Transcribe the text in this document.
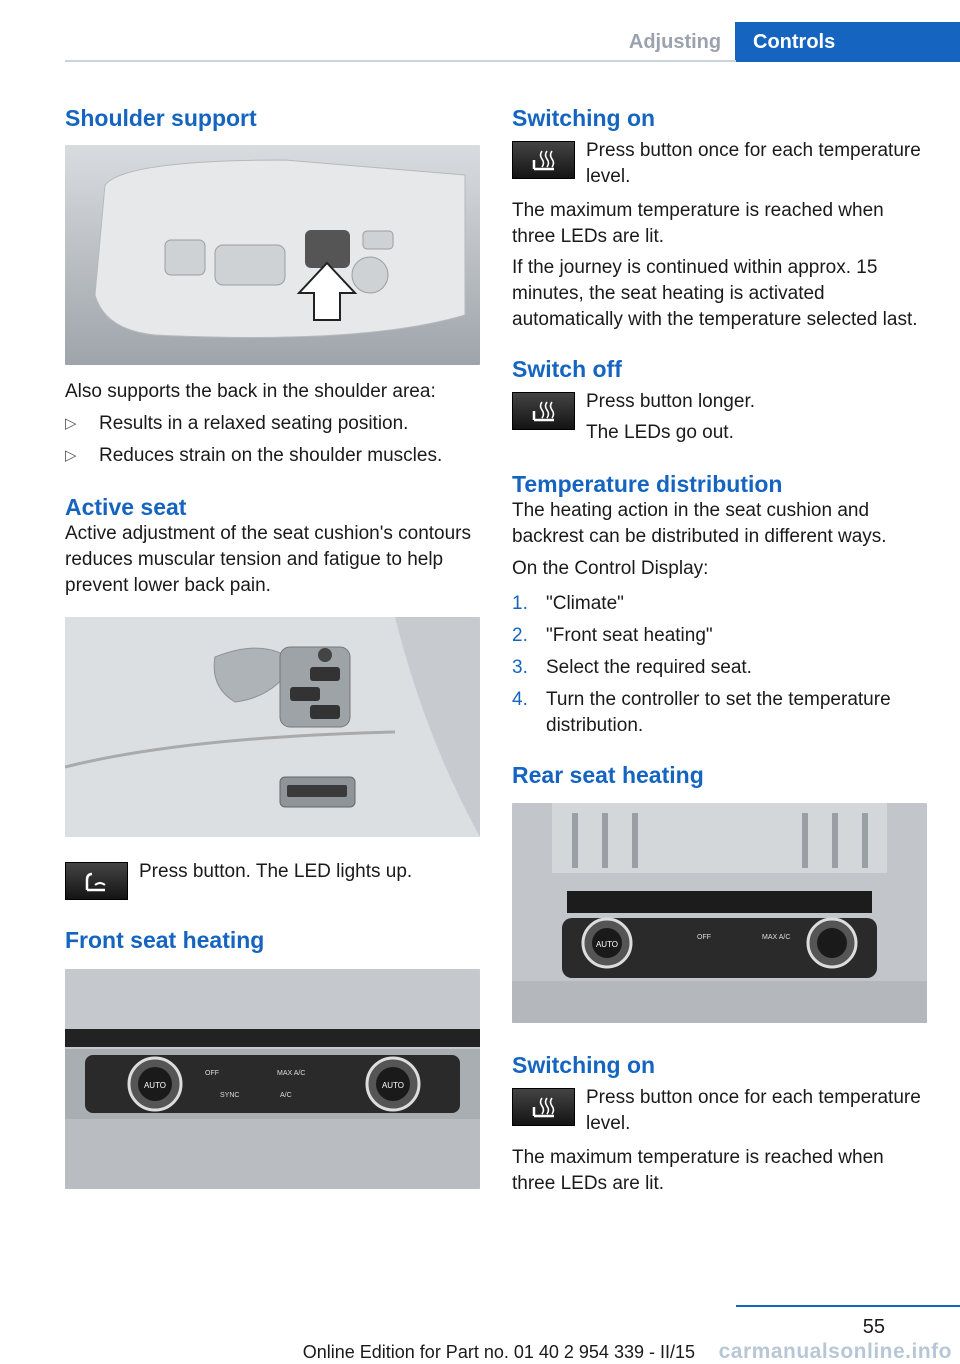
Adjusting	Controls
Shoulder support

Also supports the back in the shoulder area:

▷	Results in a relaxed seating position.
▷	Reduces strain on the shoulder muscles.
Active seat

Active adjustment of the seat cushion's contours reduces muscular tension and fatigue to help prevent lower back pain.

Press button. The LED lights up.

Front seat heating
AUTO	AUTO
OFF	MAX A/C
SYNC	A/C
Switching on

Press button once for each temperature level.

The maximum temperature is reached when three LEDs are lit.

If the journey is continued within approx. 15 minutes, the seat heating is activated automatically with the temperature selected last.

Switch off

Press button longer.

The LEDs go out.

Temperature distribution

The heating action in the seat cushion and backrest can be distributed in different ways.

On the Control Display:

1. "Climate"
2. "Front seat heating"
3. Select the required seat.
4. Turn the controller to set the temperature distribution.
Rear seat heating
AUTO
OFF	MAX A/C
Switching on

Press button once for each temperature level.

The maximum temperature is reached when three LEDs are lit.

55
Online Edition for Part no. 01 40 2 954 339 - II/15 carmanualsonline.info
